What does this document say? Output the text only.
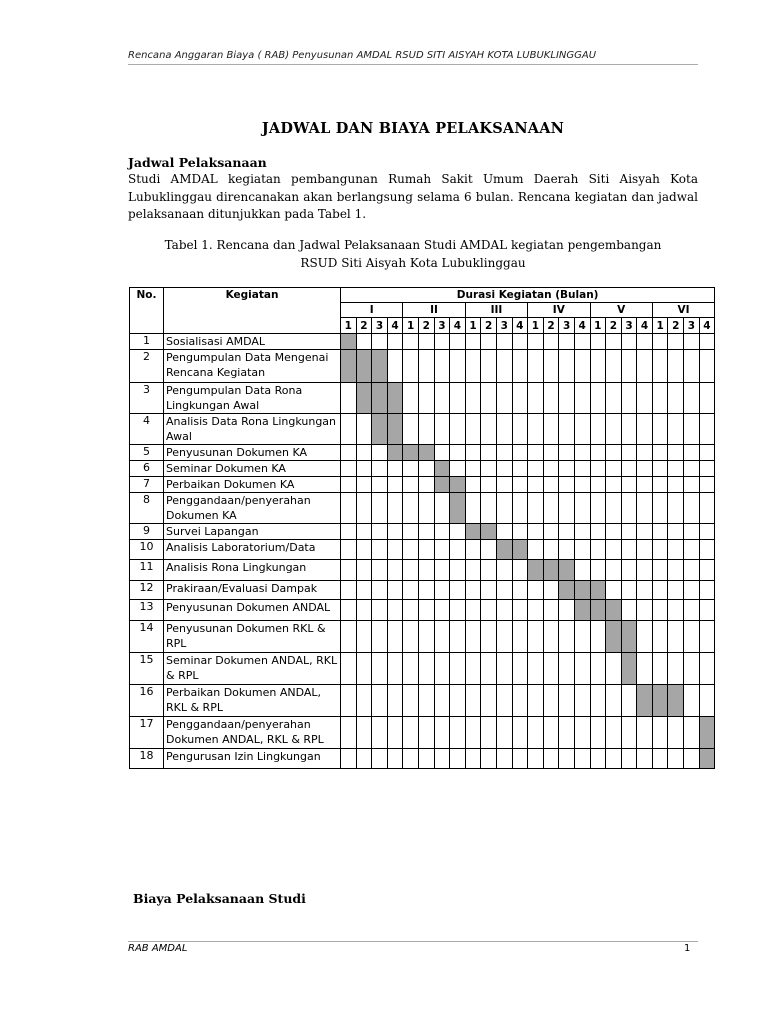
Rencana Anggaran Biaya ( RAB) Penyusunan AMDAL RSUD SITI AISYAH KOTA LUBUKLINGGAU
JADWAL DAN BIAYA PELAKSANAAN
Jadwal Pelaksanaan
Studi AMDAL kegiatan pembangunan Rumah Sakit Umum Daerah Siti Aisyah Kota Lubuklinggau direncanakan akan berlangsung selama 6 bulan. Rencana kegiatan dan jadwal pelaksanaan ditunjukkan pada Tabel 1.
Tabel 1. Rencana dan Jadwal Pelaksanaan Studi AMDAL kegiatan pengembangan
RSUD Siti Aisyah Kota Lubuklinggau
No.	Kegiatan	Durasi Kegiatan (Bulan)																							
		I				II				III				IV				V				VI			
		1	2	3	4	1	2	3	4	1	2	3	4	1	2	3	4	1	2	3	4	1	2	3	4
1	Sosialisasi AMDAL																								
2	Pengumpulan Data Mengenai Rencana Kegiatan																								
3	Pengumpulan Data Rona Lingkungan Awal																								
4	Analisis Data Rona Lingkungan Awal																								
5	Penyusunan Dokumen KA																								
6	Seminar Dokumen KA																								
7	Perbaikan Dokumen KA																								
8	Penggandaan/penyerahan Dokumen KA																								
9	Survei Lapangan																								
10	Analisis Laboratorium/Data																								
11	Analisis Rona Lingkungan																								
12	Prakiraan/Evaluasi Dampak																								
13	Penyusunan Dokumen ANDAL																								
14	Penyusunan Dokumen RKL & RPL																								
15	Seminar Dokumen ANDAL, RKL & RPL																								
16	Perbaikan Dokumen ANDAL, RKL & RPL																								
17	Penggandaan/penyerahan Dokumen ANDAL, RKL & RPL																								
18	Pengurusan Izin Lingkungan																								
Biaya Pelaksanaan Studi
RAB AMDAL	1
